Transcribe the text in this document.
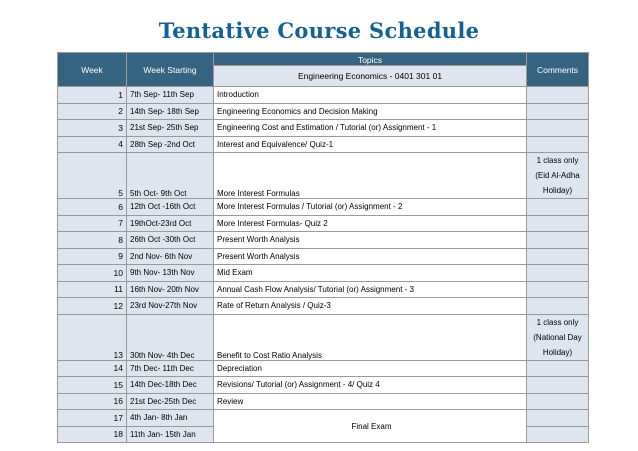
Tentative Course Schedule
Week	Week Starting	Topics	Comments
		Engineering Economics - 0401 301 01	
1	7th Sep- 11th Sep	Introduction	
2	14th Sep- 18th Sep	Engineering Economics and Decision Making	
3	21st Sep- 25th Sep	Engineering Cost and Estimation / Tutorial (or) Assignment - 1	
4	28th Sep -2nd Oct	Interest and Equivalence/ Quiz-1	
5	5th Oct- 9th Oct	More Interest Formulas	1 class only
(Eid Al-Adha
Holiday)

6	12th Oct -16th Oct	More Interest Formulas / Tutorial (or) Assignment - 2	
7	19thOct-23rd Oct	More Interest Formulas- Quiz 2	
8	26th Oct -30th Oct	Present Worth Analysis	
9	2nd Nov- 6th Nov	Present Worth Analysis	
10	9th Nov- 13th Nov	Mid Exam	
11	16th Nov- 20th Nov	Annual Cash Flow Analysis/ Tutorial (or) Assignment - 3	
12	23rd Nov-27th Nov	Rate of Return Analysis / Quiz-3	
13	30th Nov- 4th Dec	Benefit to Cost Ratio Analysis	1 class only
(National Day
Holiday)

14	7th Dec- 11th Dec	Depreciation	
15	14th Dec-18th Dec	Revisions/ Tutorial (or) Assignment - 4/ Quiz 4	
16	21st Dec-25th Dec	Review	
17	4th Jan- 8th Jan	Final Exam	
18	11th Jan- 15th Jan		
